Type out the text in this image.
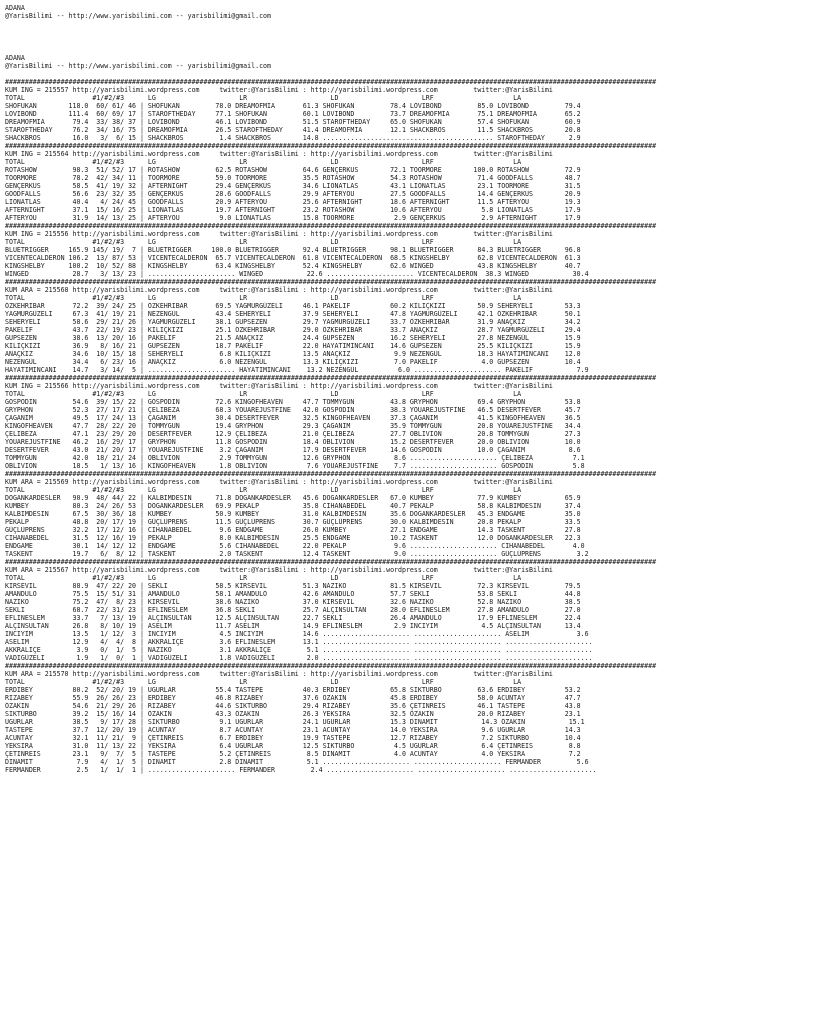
ADANA
@YarisBilimi -- http://www.yarisbilimi.com -- yarisbilimi@gmail.com
ADANA
@YarisBilimi -- http://www.yarisbilimi.com -- yarisbilimi@gmail.com
####################################################################################################################################################################
KUM ING = 215557 http://yarisbilimi.wordpress.com     twitter:@YarisBilimi : http://yarisbilimi.wordpress.com         twitter:@YarisBilimi
TOTAL                 #1/#2/#3      LG                     LR                     LD                     LRF                    LA
SHOFUKAN        118.0  60/ 61/ 46 | SHOFUKAN         78.0 DREAMOFMIA       61.3 SHOFUKAN         78.4 LOVIBOND         85.0 LOVIBOND         79.4
LOVIBOND        111.4  60/ 69/ 17 | STAROFTHEDAY     77.1 SHOFUKAN         60.1 LOVIBOND         73.7 DREAMOFMIA       75.1 DREAMOFMIA       65.2
DREAMOFMIA       79.4  33/ 38/ 37 | LOVIBOND         46.1 LOVIBOND         51.5 STAROFTHEDAY     65.0 SHOFUKAN         57.4 SHOFUKAN         60.9
STAROFTHEDAY     76.2  34/ 16/ 75 | DREAMOFMIA       26.5 STAROFTHEDAY     41.4 DREAMOFMIA       12.1 SHACKBROS        11.5 SHACKBROS        20.8
SHACKBROS        16.0   3/  6/ 15 | SHACKBROS         1.4 SHACKBROS        14.8 ........................................... STAROFTHEDAY      2.9
####################################################################################################################################################################
KUM ING = 215564 http://yarisbilimi.wordpress.com     twitter:@YarisBilimi : http://yarisbilimi.wordpress.com         twitter:@YarisBilimi
TOTAL                 #1/#2/#3      LG                     LR                     LD                     LRF                    LA
ROTASHOW         98.3  51/ 52/ 17 | ROTASHOW         62.5 ROTASHOW         64.6 GENÇERKUS        72.1 TOORMORE        100.0 ROTASHOW         72.9
TOORMORE         78.2  42/ 34/ 11 | TOORMORE         59.0 TOORMORE         35.5 ROTASHOW         54.3 ROTASHOW         71.4 GOODFALLS        48.7
GENÇERKUS        58.5  41/ 19/ 32 | AFTERNIGHT       29.4 GENÇERKUS        34.6 LIONATLAS        43.1 LIONATLAS        23.1 TOORMORE         31.5
GOODFALLS        56.6  23/ 32/ 35 | GENÇERKUS        28.6 GOODFALLS        29.9 AFTERYOU         27.5 GOODFALLS        14.4 GENÇERKUS        20.9
LIONATLAS        40.4   4/ 24/ 45 | GOODFALLS        20.9 AFTERYOU         25.6 AFTERNIGHT       18.6 AFTERNIGHT       11.5 AFTERYOU         19.3
AFTERNIGHT       37.1  15/ 16/ 25 | LIONATLAS        19.7 AFTERNIGHT       23.2 ROTASHOW         10.6 AFTERYOU          5.8 LIONATLAS        17.9
AFTERYOU         31.9  14/ 13/ 25 | AFTERYOU          9.0 LIONATLAS        15.8 TOORMORE          2.9 GENÇERKUS         2.9 AFTERNIGHT       17.9
####################################################################################################################################################################
KUM ING = 215556 http://yarisbilimi.wordpress.com     twitter:@YarisBilimi : http://yarisbilimi.wordpress.com         twitter:@YarisBilimi
TOTAL                 #1/#2/#3      LG                     LR                     LD                     LRF                    LA
BLUETRIGGER     165.9 145/ 19/  7 | BLUETRIGGER     100.0 BLUETRIGGER      92.4 BLUETRIGGER      98.1 BLUETRIGGER      84.3 BLUETRIGGER      96.8
VICENTECALDERON 106.2  13/ 87/ 53 | VICENTECALDERON  65.7 VICENTECALDERON  61.8 VICENTECALDERON  68.5 KINGSHELBY       62.8 VICENTECALDERON  61.3
KINGSHELBY      100.2  10/ 52/ 88 | KINGSHELBY       63.4 KINGSHELBY       52.4 KINGSHELBY       62.6 WINGED           43.8 KINGSHELBY       40.7
WINGED           28.7   3/ 13/ 23 | ...................... WINGED           22.6 ...................... VICENTECALDERON  38.3 WINGED           30.4
####################################################################################################################################################################
KUM ARA = 215568 http://yarisbilimi.wordpress.com     twitter:@YarisBilimi : http://yarisbilimi.wordpress.com         twitter:@YarisBilimi
TOTAL                 #1/#2/#3      LG                     LR                     LD                     LRF                    LA
ÖZKEHRIBAR       72.2  39/ 24/ 25 | ÖZKEHRIBAR       69.5 YAGMURGÜZELI     46.1 PAKELIF          60.2 KILIÇKIZI        50.9 SEHERYELI        53.3
YAGMURGÜZELI     67.3  41/ 19/ 21 | NEZENGÜL         43.4 SEHERYELI        37.9 SEHERYELI        47.8 YAGMURGÜZELI     42.1 ÖZKEHRIBAR       50.1
SEHERYELI        58.6  29/ 21/ 26 | YAGMURGÜZELI     38.1 GUPSEZEN         29.7 YAGMURGÜZELI     33.7 ÖZKEHRIBAR       31.9 ANAÇKIZ          34.2
PAKELIF          43.7  22/ 19/ 23 | KILIÇKIZI        25.1 ÖZKEHRIBAR       29.0 ÖZKEHRIBAR       33.7 ANAÇKIZ          28.7 YAGMURGÜZELI     29.4
GUPSEZEN         38.6  13/ 20/ 16 | PAKELIF          21.5 ANAÇKIZ          24.4 GUPSEZEN         16.2 SEHERYELI        27.8 NEZENGÜL         15.9
KILIÇKIZI        36.9   8/ 16/ 21 | GUPSEZEN         18.7 PAKELIF          22.0 HAYATIMINCANI    14.6 GUPSEZEN         25.5 KILIÇKIZI        15.9
ANAÇKIZ          34.6  10/ 15/ 18 | SEHERYELI         6.8 KILIÇKIZI        13.5 ANAÇKIZ           9.9 NEZENGÜL         18.3 HAYATIMINCANI    12.0
NEZENGÜL         34.4   6/ 23/ 16 | ANAÇKIZ           6.0 NEZENGÜL         13.3 KILIÇKIZI         7.0 PAKELIF           4.0 GUPSEZEN         10.4
HAYATIMINCANI    14.7   3/ 14/  5 | ...................... HAYATIMINCANI    13.2 NEZENGÜL          6.0 ...................... PAKELIF           7.9
####################################################################################################################################################################
KUM ING = 215566 http://yarisbilimi.wordpress.com     twitter:@YarisBilimi : http://yarisbilimi.wordpress.com         twitter:@YarisBilimi
TOTAL                 #1/#2/#3      LG                     LR                     LD                     LRF                    LA
GOSPODIN         54.6  39/ 15/ 22 | GOSPODIN         72.6 KINGOFHEAVEN     47.7 TOMMYGUN         43.8 GRYPHON          69.4 GRYPHON          53.8
GRYPHON          52.3  27/ 17/ 21 | ÇELIBEZA         68.3 YOUAREJUSTFINE   42.0 GOSPODIN         38.3 YOUAREJUSTFINE   46.5 DESERTFEVER      45.7
ÇAGANIM          49.5  17/ 24/ 13 | ÇAGANIM          30.4 DESERTFEVER      32.5 KINGOFHEAVEN     37.3 ÇAGANIM          41.5 KINGOFHEAVEN     36.5
KINGOFHEAVEN     47.7  28/ 22/ 20 | TOMMYGUN         19.4 GRYPHON          29.3 ÇAGANIM          35.9 TOMMYGUN         20.8 YOUAREJUSTFINE   34.4
ÇELIBEZA         47.1  23/ 29/ 20 | DESERTFEVER      12.9 ÇELIBEZA         21.0 ÇELIBEZA         27.7 OBLIVION         20.8 TOMMYGUN         27.3
YOUAREJUSTFINE   46.2  16/ 29/ 17 | GRYPHON          11.8 GOSPODIN         18.4 OBLIVION         15.2 DESERTFEVER      20.0 OBLIVION         10.0
DESERTFEVER      43.0  21/ 20/ 17 | YOUAREJUSTFINE    3.2 ÇAGANIM          17.9 DESERTFEVER      14.6 GOSPODIN         10.0 ÇAGANIM           8.6
TOMMYGUN         42.0  18/ 21/ 24 | OBLIVION          2.9 TOMMYGUN         12.6 GRYPHON           8.6 ...................... ÇELIBEZA          7.1
OBLIVION         18.5   1/ 13/ 16 | KINGOFHEAVEN      1.8 OBLIVION          7.6 YOUAREJUSTFINE    7.7 ...................... GOSPODIN          5.8
####################################################################################################################################################################
KUM ARA = 215569 http://yarisbilimi.wordpress.com     twitter:@YarisBilimi : http://yarisbilimi.wordpress.com         twitter:@YarisBilimi
TOTAL                 #1/#2/#3      LG                     LR                     LD                     LRF                    LA
DOGANKARDESLER   90.9  48/ 44/ 22 | KALBIMDESIN      71.8 DOGANKARDESLER   45.6 DOGANKARDESLER   67.0 KUMBEY           77.9 KUMBEY           65.9
KUMBEY           80.3  24/ 26/ 53 | DOGANKARDESLER   69.9 PEKALP           35.8 CIHANABEDEL      40.7 PEKALP           58.8 KALBIMDESIN      37.4
KALBIMDESIN      67.5  30/ 36/ 18 | KUMBEY           50.9 KUMBEY           31.0 KALBIMDESIN      35.6 DOGANKARDESLER   45.3 ENDGAME          35.0
PEKALP           48.8  20/ 17/ 19 | GÜÇLÜPRENS       11.5 GÜÇLÜPRENS       30.7 GÜÇLÜPRENS       30.0 KALBIMDESIN      20.8 PEKALP           33.5
GÜÇLÜPRENS       32.2  17/ 12/ 16 | CIHANABEDEL       9.6 ENDGAME          26.0 KUMBEY           27.1 ENDGAME          14.3 TASKENT          27.8
CIHANABEDEL      31.5  12/ 16/ 19 | PEKALP            8.0 KALBIMDESIN      25.5 ENDGAME          10.2 TASKENT          12.0 DOGANKARDESLER   22.3
ENDGAME          30.1  14/ 12/ 12 | ENDGAME           5.6 CIHANABEDEL      22.0 PEKALP            9.6 ...................... CIHANABEDEL       4.0
TASKENT          19.7   6/  8/ 12 | TASKENT           2.0 TASKENT          12.4 TASKENT           9.0 ...................... GÜÇLÜPRENS         3.2
####################################################################################################################################################################
KUM ARA = 215567 http://yarisbilimi.wordpress.com     twitter:@YarisBilimi : http://yarisbilimi.wordpress.com         twitter:@YarisBilimi
TOTAL                 #1/#2/#3      LG                     LR                     LD                     LRF                    LA
KIRSEVIL         88.9  47/ 22/ 20 | SEKLI            58.5 KIRSEVIL         51.3 NAZIKO           81.5 KIRSEVIL         72.3 KIRSEVIL         79.5
AMANDULO         75.5  15/ 51/ 31 | AMANDULO         58.1 AMANDULO         42.6 AMANDULO         57.7 SEKLI            53.8 SEKLI            44.8
NAZIKO           75.2  47/  8/ 23 | KIRSEVIL         38.6 NAZIKO           37.0 KIRSEVIL         32.6 NAZIKO           52.8 NAZIKO           38.5
SEKLI            68.7  22/ 31/ 23 | EFLINESLEM       36.8 SEKLI            25.7 ALÇINSULTAN      28.0 EFLINESLEM       27.8 AMANDULO         27.0
EFLINESLEM       33.7   7/ 13/ 19 | ALÇINSULTAN      12.5 ALÇINSULTAN      22.7 SEKLI            26.4 AMANDULO         17.9 EFLINESLEM       22.4
ALÇINSULTAN      26.8   8/ 10/ 19 | ASELIM           11.7 ASELIM           14.9 EFLINESLEM        2.9 INCIYIM           4.5 ALÇINSULTAN      13.4
INCIYIM          13.5   1/ 12/  3 | INCIYIM           4.5 INCIYIM          14.6 ...................... ...................... ASELIM            3.6
ASELIM           12.9   4/  4/  8 | AKKRALIÇE         3.6 EFLINESLEM       13.1 ...................... ...................... ......................
AKKRALIÇE         3.9   0/  1/  5 | NAZIKO            3.1 AKKRALIÇE         5.1 ...................... ...................... ......................
VADIGÜZELI        1.9   1/  0/  1 | VADIGÜZELI        1.8 VADIGÜZELI        2.0 ...................... ...................... ......................
####################################################################################################################################################################
KUM ARA = 215570 http://yarisbilimi.wordpress.com     twitter:@YarisBilimi : http://yarisbilimi.wordpress.com         twitter:@YarisBilimi
TOTAL                 #1/#2/#3      LG                     LR                     LD                     LRF                    LA
ERDIBEY          80.2  52/ 20/ 19 | UGURLAR          55.4 TASTEPE          40.3 ERDIBEY          65.8 SIKTURBO         63.6 ERDIBEY          53.2
RIZABEY          55.9  26/ 26/ 23 | ERDIBEY          46.8 RIZABEY          37.6 ÖZAKIN           45.8 ERDIBEY          58.0 ACUNTAY          47.7
ÖZAKIN           54.6  21/ 29/ 26 | RIZABEY          44.6 SIKTURBO         29.4 RIZABEY          35.6 ÇETINREIS        46.1 TASTEPE          43.8
SIKTURBO         39.2  15/ 16/ 14 | ÖZAKIN           43.3 ÖZAKIN           26.3 YEKSIRA          32.5 ÖZAKIN           20.0 RIZABEY          23.1
UGURLAR          38.5   9/ 17/ 28 | SIKTURBO          9.1 UGURLAR          24.1 UGURLAR          15.3 DINAMIT           14.3 ÖZAKIN           15.1
TASTEPE          37.7  12/ 20/ 19 | ACUNTAY           8.7 ACUNTAY          23.1 ACUNTAY          14.0 YEKSIRA           9.6 UGURLAR          14.3
ACUNTAY          32.1  11/ 21/  9 | ÇETINREIS         6.7 ERDIBEY          19.9 TASTEPE          12.7 RIZABEY           7.2 SIKTURBO         10.4
YEKSIRA          31.0  11/ 13/ 22 | YEKSIRA           6.4 UGURLAR          12.5 SIKTURBO          4.5 UGURLAR           6.4 ÇETINREIS         8.8
ÇETINREIS        23.1   9/  7/  5 | TASTEPE           5.2 ÇETINREIS         8.5 DINAMIT           4.0 ACUNTAY           4.0 YEKSIRA           7.2
DINAMIT           7.9   4/  1/  5 | DINAMIT           2.8 DINAMIT           5.1 ...................... ...................... FERMANDER         5.6
FERMANDER         2.5   1/  1/  1 | ...................... FERMANDER         2.4 ...................... ...................... ......................
